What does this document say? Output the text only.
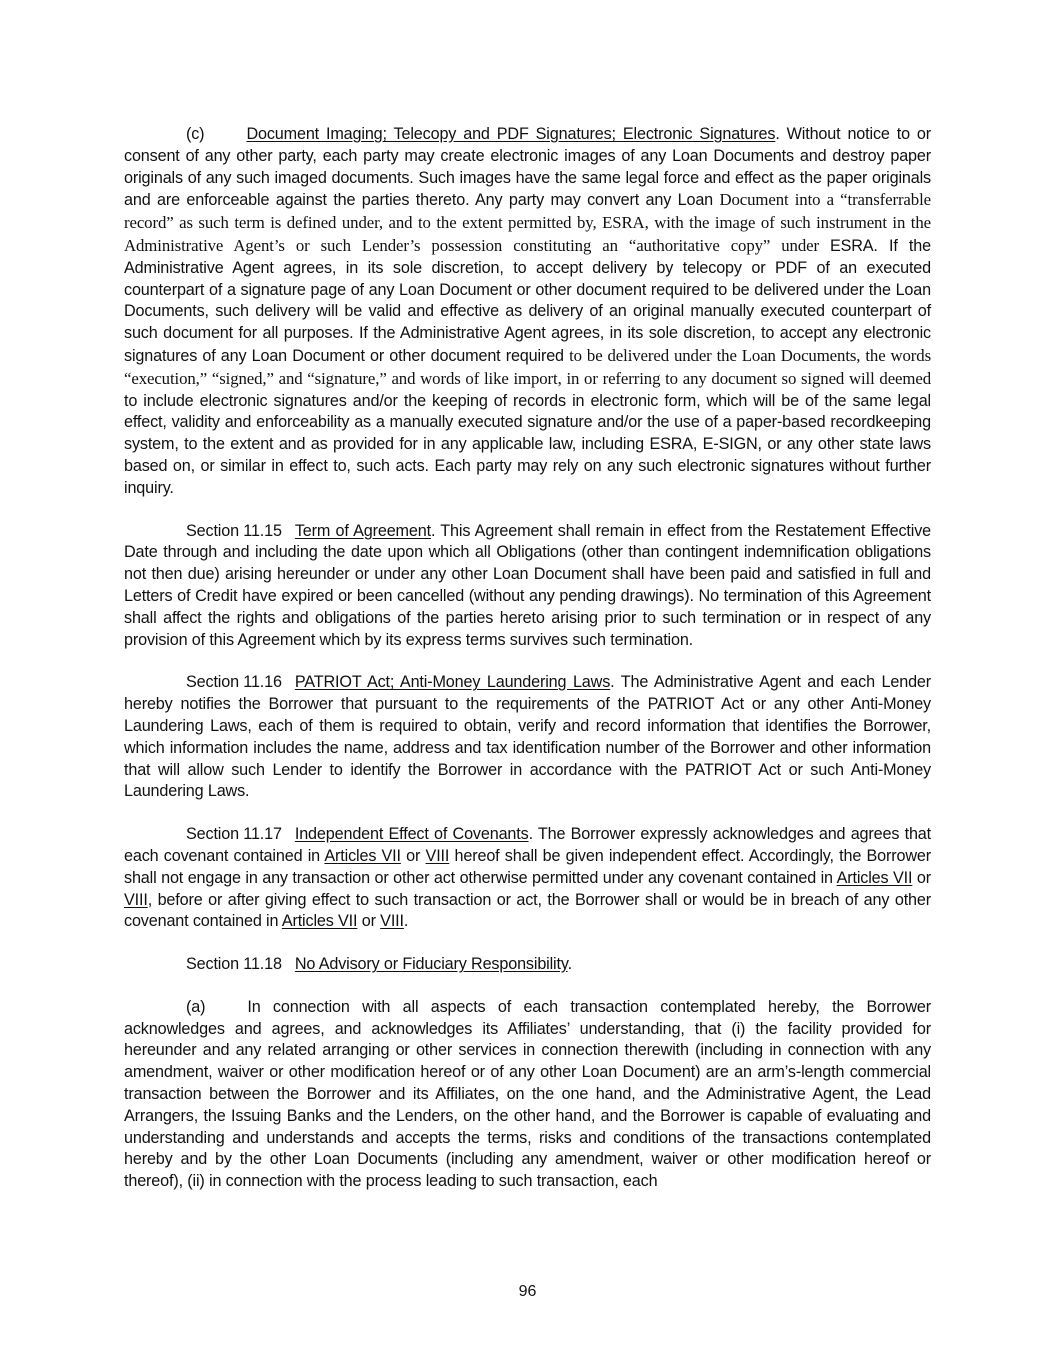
(c)	Document Imaging; Telecopy and PDF Signatures; Electronic Signatures. Without notice to or consent of any other party, each party may create electronic images of any Loan Documents and destroy paper originals of any such imaged documents. Such images have the same legal force and effect as the paper originals and are enforceable against the parties thereto. Any party may convert any Loan Document into a “transferrable record” as such term is defined under, and to the extent permitted by, ESRA, with the image of such instrument in the Administrative Agent’s or such Lender’s possession constituting an “authoritative copy” under ESRA. If the Administrative Agent agrees, in its sole discretion, to accept delivery by telecopy or PDF of an executed counterpart of a signature page of any Loan Document or other document required to be delivered under the Loan Documents, such delivery will be valid and effective as delivery of an original manually executed counterpart of such document for all purposes. If the Administrative Agent agrees, in its sole discretion, to accept any electronic signatures of any Loan Document or other document required to be delivered under the Loan Documents, the words “execution,” “signed,” and “signature,” and words of like import, in or referring to any document so signed will deemed to include electronic signatures and/or the keeping of records in electronic form, which will be of the same legal effect, validity and enforceability as a manually executed signature and/or the use of a paper-based recordkeeping system, to the extent and as provided for in any applicable law, including ESRA, E-SIGN, or any other state laws based on, or similar in effect to, such acts. Each party may rely on any such electronic signatures without further inquiry.

Section 11.15 Term of Agreement. This Agreement shall remain in effect from the Restatement Effective Date through and including the date upon which all Obligations (other than contingent indemnification obligations not then due) arising hereunder or under any other Loan Document shall have been paid and satisfied in full and Letters of Credit have expired or been cancelled (without any pending drawings). No termination of this Agreement shall affect the rights and obligations of the parties hereto arising prior to such termination or in respect of any provision of this Agreement which by its express terms survives such termination.

Section 11.16 PATRIOT Act; Anti-Money Laundering Laws. The Administrative Agent and each Lender hereby notifies the Borrower that pursuant to the requirements of the PATRIOT Act or any other Anti-Money Laundering Laws, each of them is required to obtain, verify and record information that identifies the Borrower, which information includes the name, address and tax identification number of the Borrower and other information that will allow such Lender to identify the Borrower in accordance with the PATRIOT Act or such Anti-Money Laundering Laws.

Section 11.17 Independent Effect of Covenants. The Borrower expressly acknowledges and agrees that each covenant contained in Articles VII or VIII hereof shall be given independent effect. Accordingly, the Borrower shall not engage in any transaction or other act otherwise permitted under any covenant contained in Articles VII or VIII, before or after giving effect to such transaction or act, the Borrower shall or would be in breach of any other covenant contained in Articles VII or VIII.

Section 11.18 No Advisory or Fiduciary Responsibility.

(a)	In connection with all aspects of each transaction contemplated hereby, the Borrower acknowledges and agrees, and acknowledges its Affiliates’ understanding, that (i) the facility provided for hereunder and any related arranging or other services in connection therewith (including in connection with any amendment, waiver or other modification hereof or of any other Loan Document) are an arm’s-length commercial transaction between the Borrower and its Affiliates, on the one hand, and the Administrative Agent, the Lead Arrangers, the Issuing Banks and the Lenders, on the other hand, and the Borrower is capable of evaluating and understanding and understands and accepts the terms, risks and conditions of the transactions contemplated hereby and by the other Loan Documents (including any amendment, waiver or other modification hereof or thereof), (ii) in connection with the process leading to such transaction, each

96
